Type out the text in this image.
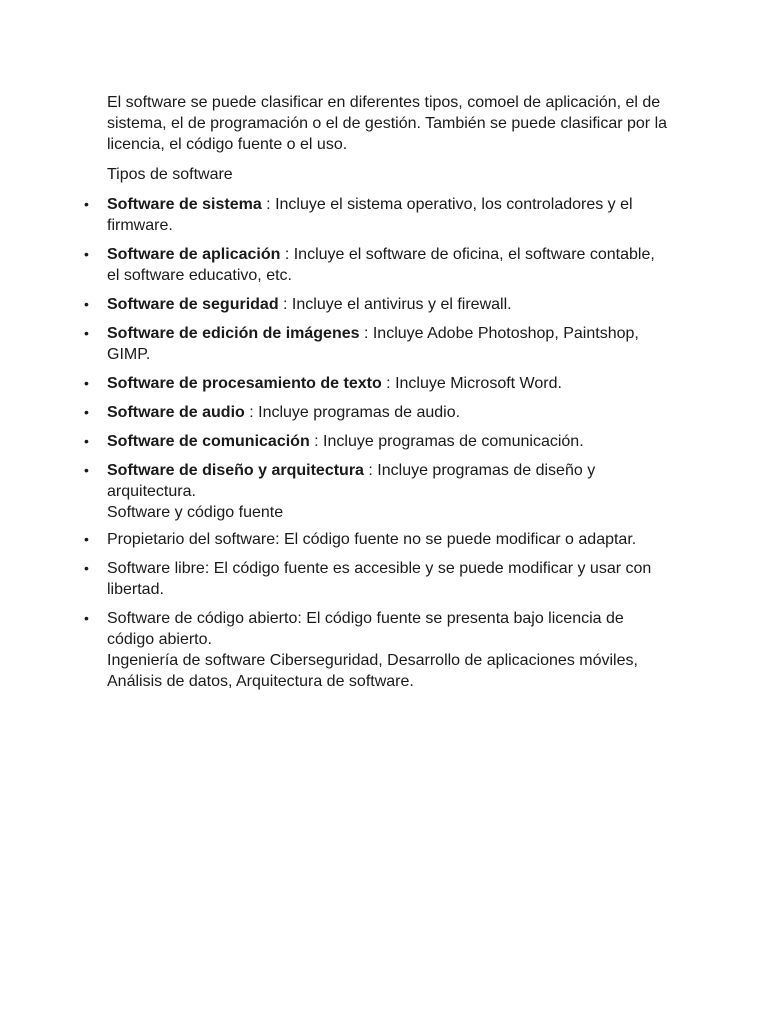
El software se puede clasificar en diferentes tipos, comoel de aplicación, el de sistema, el de programación o el de gestión. También se puede clasificar por la licencia, el código fuente o el uso.

Tipos de software

• Software de sistema : Incluye el sistema operativo, los controladores y el firmware.
• Software de aplicación : Incluye el software de oficina, el software contable, el software educativo, etc.
• Software de seguridad : Incluye el antivirus y el firewall.
• Software de edición de imágenes : Incluye Adobe Photoshop, Paintshop, GIMP.
• Software de procesamiento de texto : Incluye Microsoft Word.
• Software de audio : Incluye programas de audio.
• Software de comunicación : Incluye programas de comunicación.
• Software de diseño y arquitectura : Incluye programas de diseño y arquitectura.
Software y código fuente
• Propietario del software: El código fuente no se puede modificar o adaptar.
• Software libre: El código fuente es accesible y se puede modificar y usar con libertad.
• Software de código abierto: El código fuente se presenta bajo licencia de código abierto.
Ingeniería de software Ciberseguridad, Desarrollo de aplicaciones móviles, Análisis de datos, Arquitectura de software.
